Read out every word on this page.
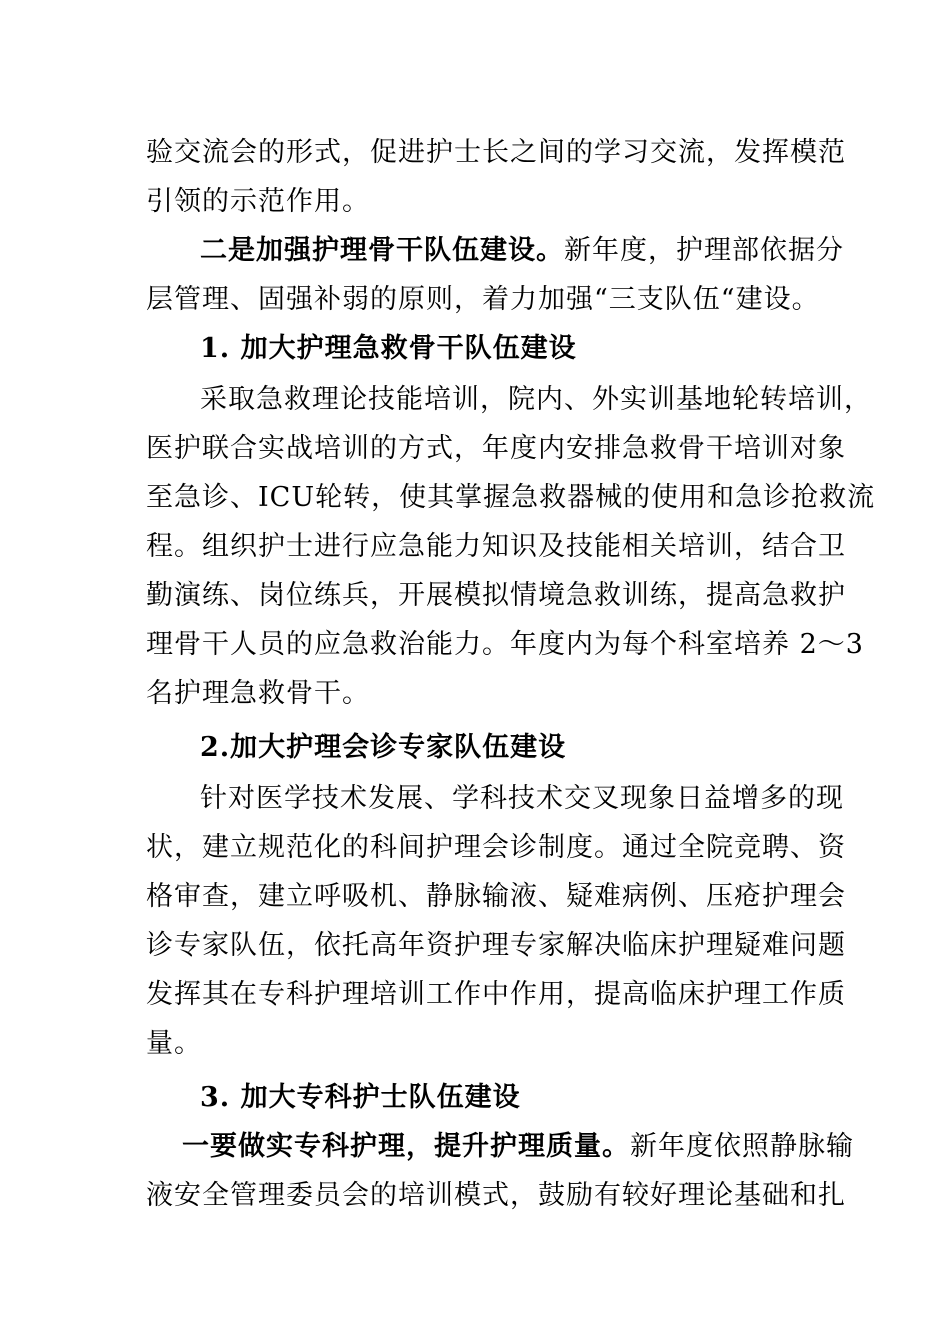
验交流会的形式，促进护士长之间的学习交流，发挥模范
引领的示范作用。
二是加强护理骨干队伍建设。新年度，护理部依据分
层管理、固强补弱的原则，着力加强“三支队伍“建设。
1. 加大护理急救骨干队伍建设
采取急救理论技能培训，院内、外实训基地轮转培训，
医护联合实战培训的方式，年度内安排急救骨干培训对象
至急诊、ICU轮转，使其掌握急救器械的使用和急诊抢救流
程。组织护士进行应急能力知识及技能相关培训，结合卫
勤演练、岗位练兵，开展模拟情境急救训练，提高急救护
理骨干人员的应急救治能力。年度内为每个科室培养 2～3
名护理急救骨干。
2.加大护理会诊专家队伍建设
针对医学技术发展、学科技术交叉现象日益增多的现
状，建立规范化的科间护理会诊制度。通过全院竞聘、资
格审查，建立呼吸机、静脉输液、疑难病例、压疮护理会
诊专家队伍，依托高年资护理专家解决临床护理疑难问题
发挥其在专科护理培训工作中作用，提高临床护理工作质
量。
3. 加大专科护士队伍建设
一要做实专科护理，提升护理质量。新年度依照静脉输
液安全管理委员会的培训模式，鼓励有较好理论基础和扎
